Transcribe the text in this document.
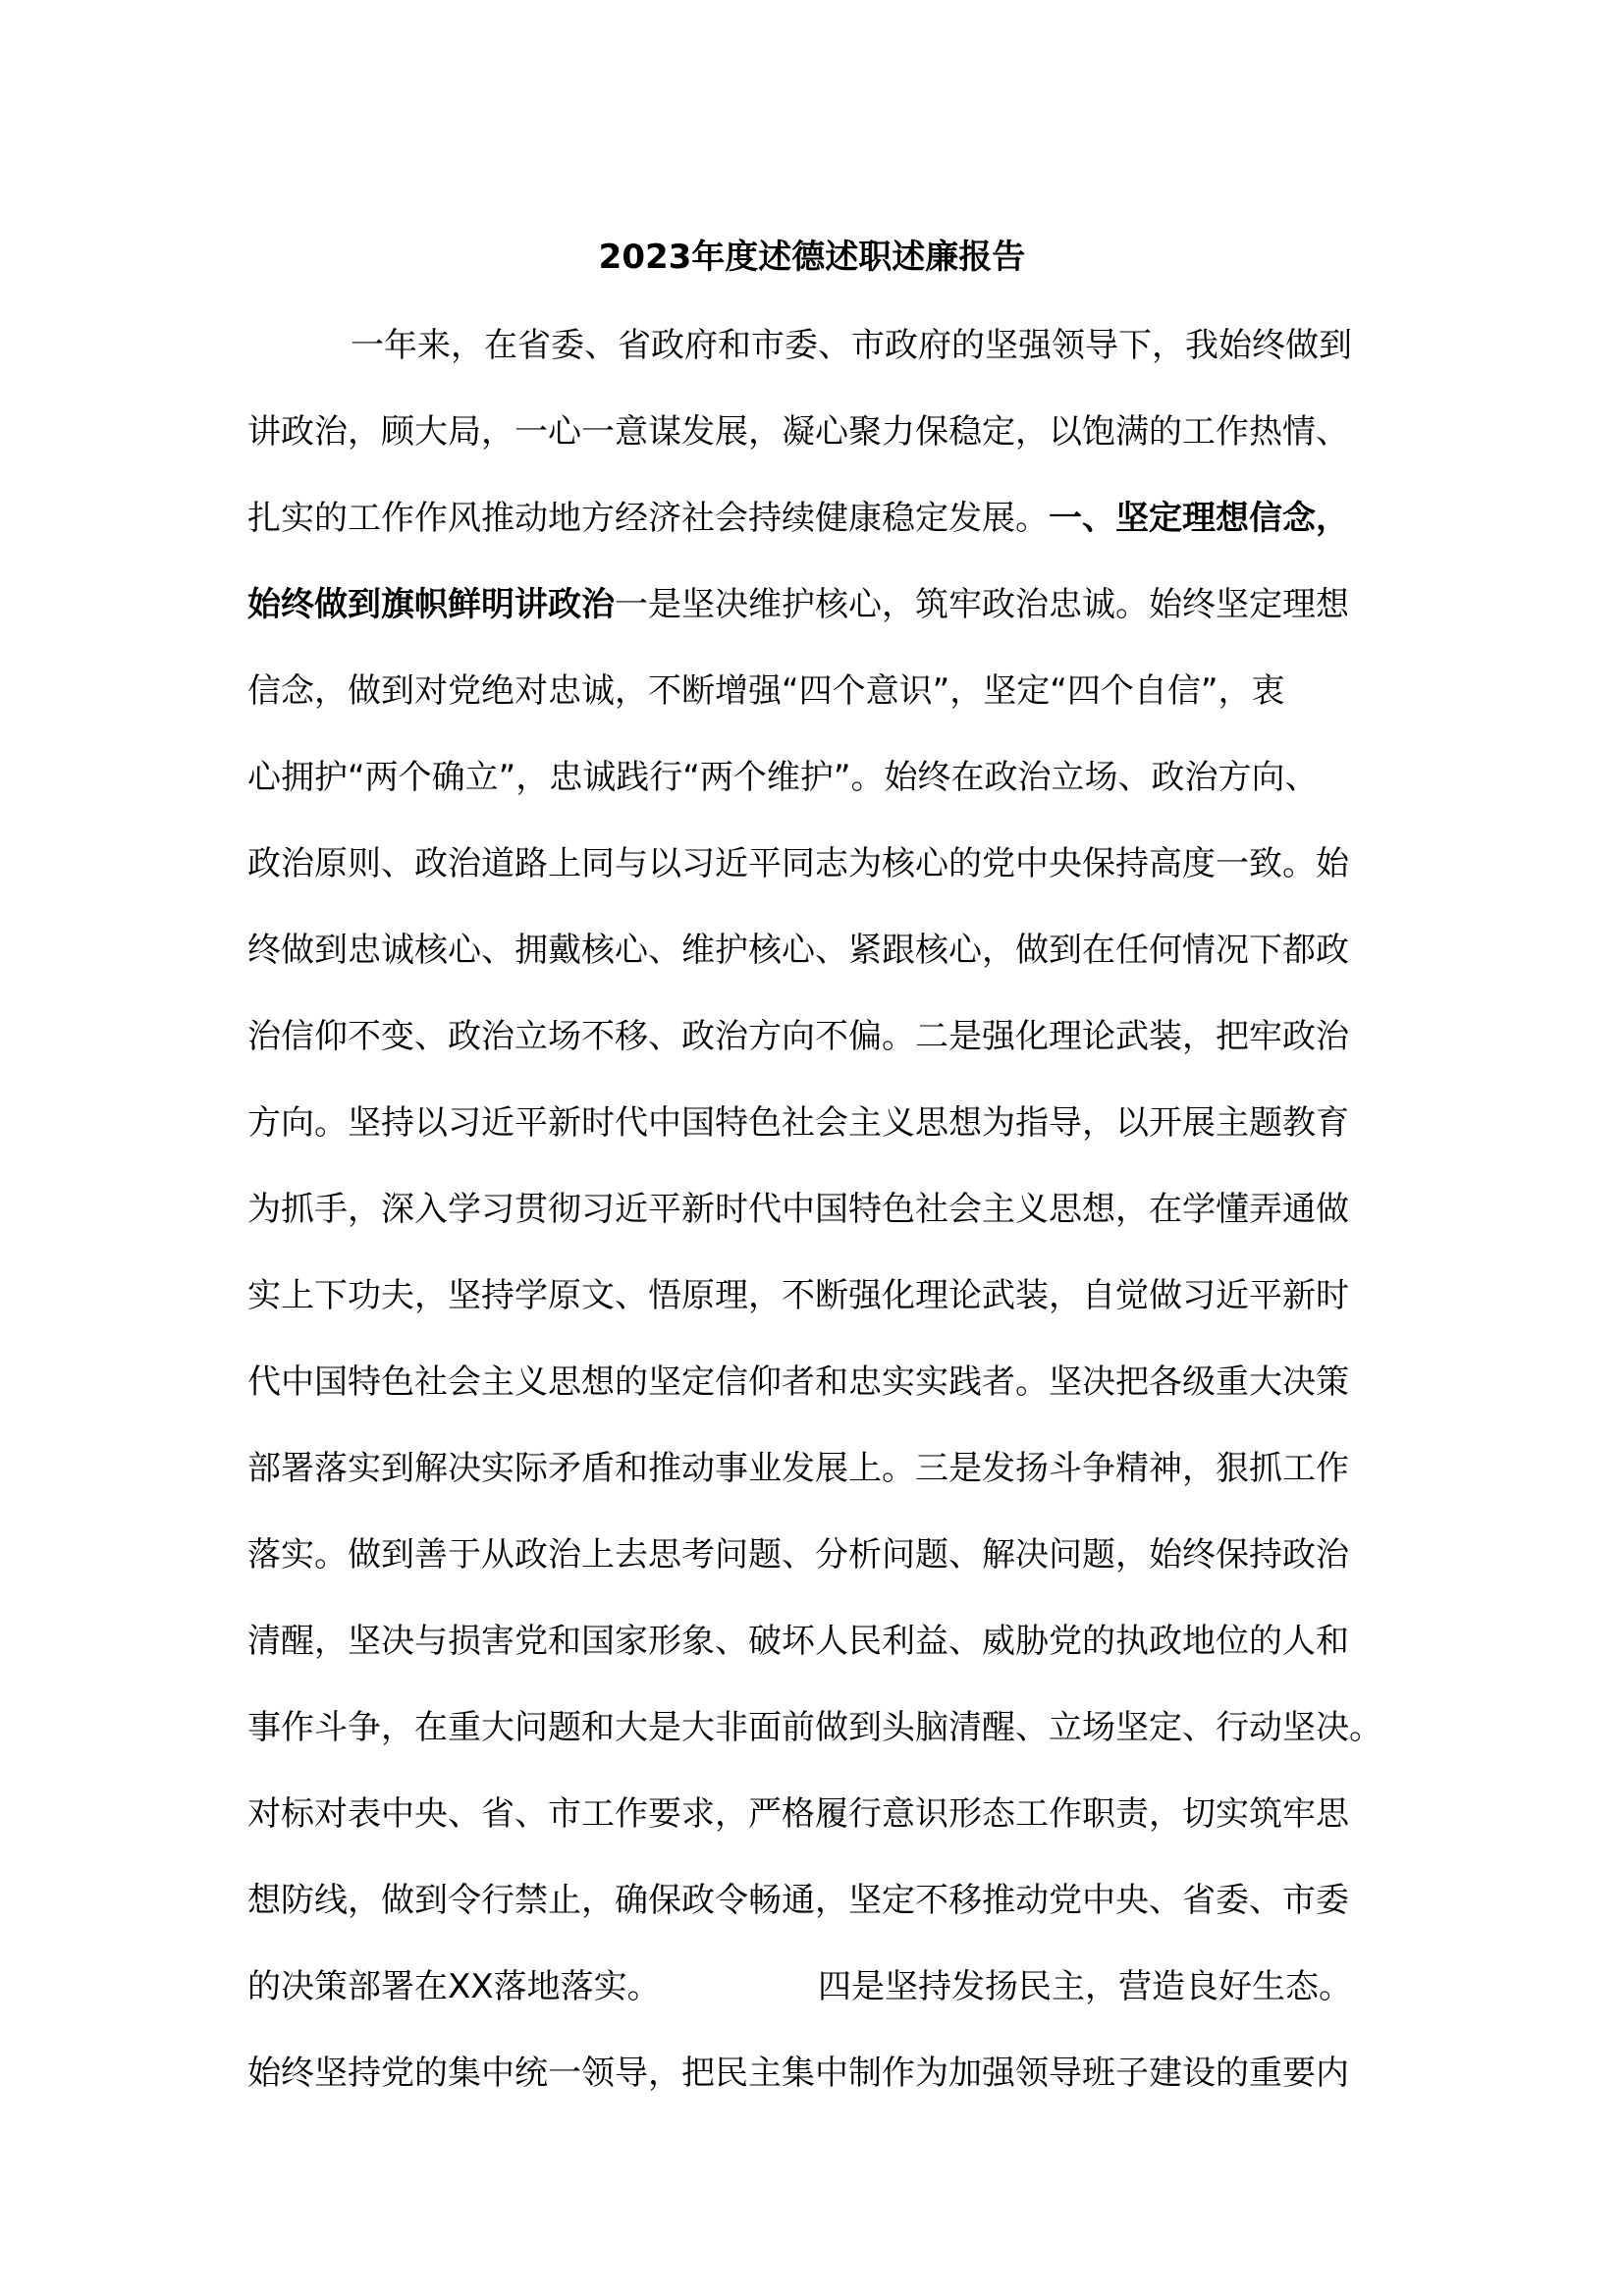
2023年度述德述职述廉报告
一年来，在省委、省政府和市委、市政府的坚强领导下，我始终做到
讲政治，顾大局，一心一意谋发展，凝心聚力保稳定，以饱满的工作热情、
扎实的工作作风推动地方经济社会持续健康稳定发展。一、坚定理想信念，
始终做到旗帜鲜明讲政治一是坚决维护核心，筑牢政治忠诚。始终坚定理想
信念，做到对党绝对忠诚，不断增强“四个意识”，坚定“四个自信”，衷
心拥护“两个确立”，忠诚践行“两个维护”。始终在政治立场、政治方向、
政治原则、政治道路上同与以习近平同志为核心的党中央保持高度一致。始
终做到忠诚核心、拥戴核心、维护核心、紧跟核心，做到在任何情况下都政
治信仰不变、政治立场不移、政治方向不偏。二是强化理论武装，把牢政治
方向。坚持以习近平新时代中国特色社会主义思想为指导，以开展主题教育
为抓手，深入学习贯彻习近平新时代中国特色社会主义思想，在学懂弄通做
实上下功夫，坚持学原文、悟原理，不断强化理论武装，自觉做习近平新时
代中国特色社会主义思想的坚定信仰者和忠实实践者。坚决把各级重大决策
部署落实到解决实际矛盾和推动事业发展上。三是发扬斗争精神，狠抓工作
落实。做到善于从政治上去思考问题、分析问题、解决问题，始终保持政治
清醒，坚决与损害党和国家形象、破坏人民利益、威胁党的执政地位的人和
事作斗争，在重大问题和大是大非面前做到头脑清醒、立场坚定、行动坚决。
对标对表中央、省、市工作要求，严格履行意识形态工作职责，切实筑牢思
想防线，做到令行禁止，确保政令畅通，坚定不移推动党中央、省委、市委
的决策部署在XX落地落实。	四是坚持发扬民主，营造良好生态。
始终坚持党的集中统一领导，把民主集中制作为加强领导班子建设的重要内
